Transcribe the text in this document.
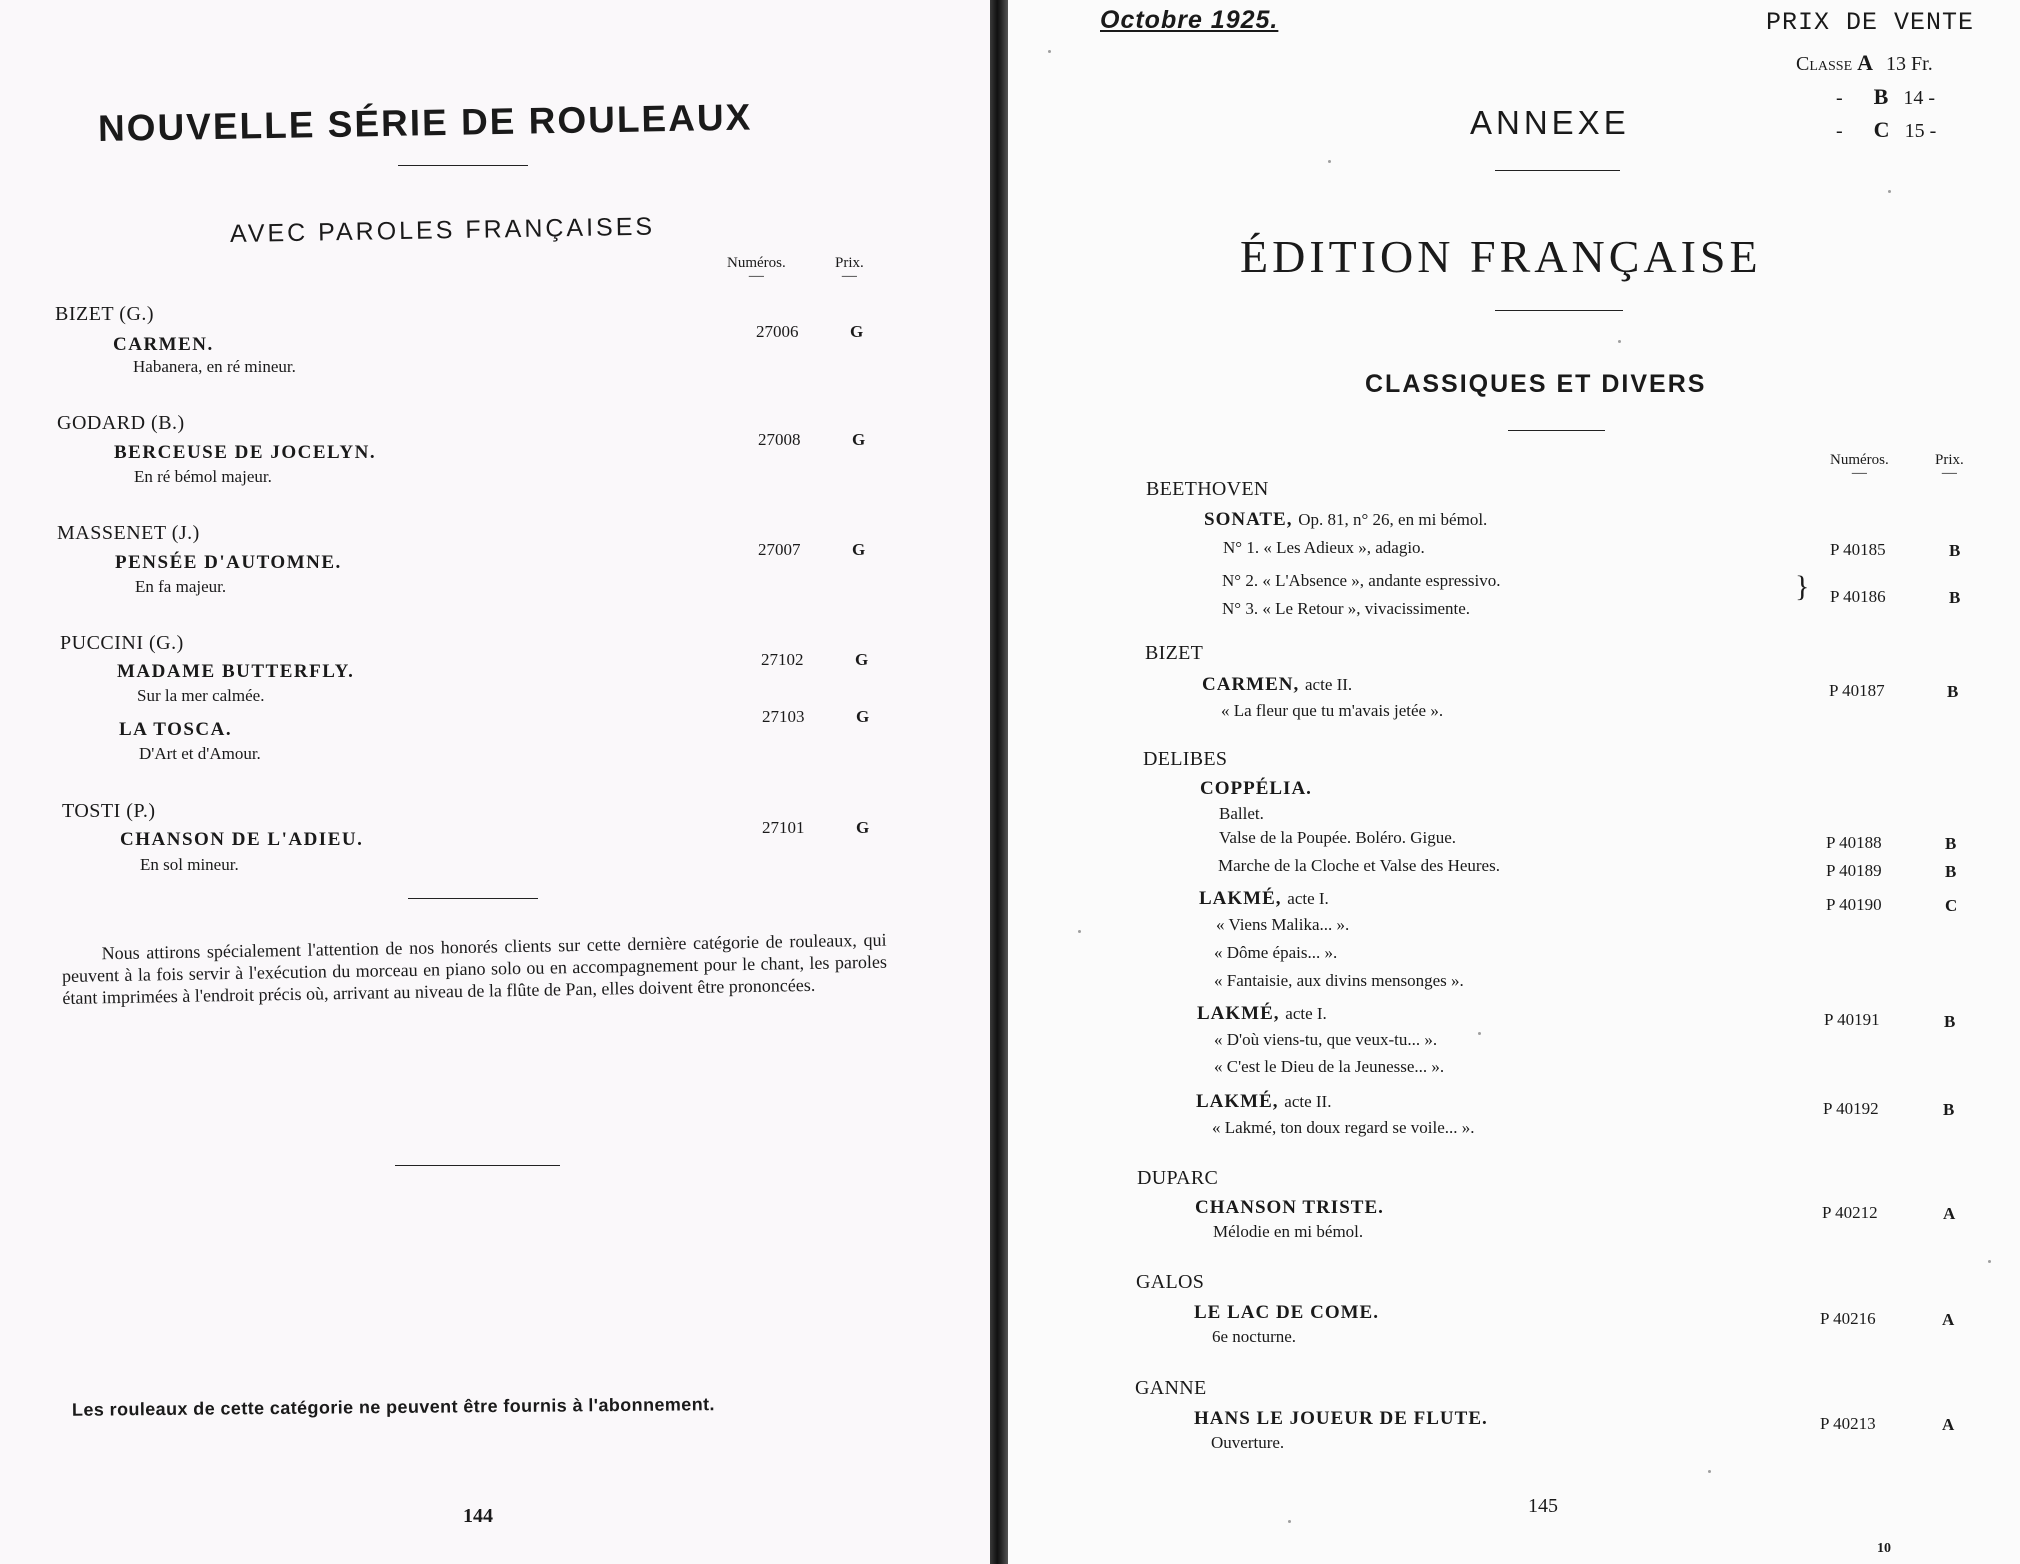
NOUVELLE SÉRIE DE ROULEAUX
AVEC PAROLES FRANÇAISES
Numéros.
—
Prix.
—
BIZET (G.)
CARMEN.
Habanera, en ré mineur.
27006	G
GODARD (B.)
BERCEUSE DE JOCELYN.
En ré bémol majeur.
27008	G
MASSENET (J.)
PENSÉE D'AUTOMNE.
En fa majeur.
27007	G
PUCCINI (G.)
MADAME BUTTERFLY.
Sur la mer calmée.
27102	G
LA TOSCA.
D'Art et d'Amour.
27103	G
TOSTI (P.)
CHANSON DE L'ADIEU.
En sol mineur.
27101	G
Nous attirons spécialement l'attention de nos honorés clients sur cette dernière catégorie de rouleaux, qui peuvent à la fois servir à l'exécution du morceau en piano solo ou en accompagnement pour le chant, les paroles étant imprimées à l'endroit précis où, arrivant au niveau de la flûte de Pan, elles doivent être prononcées.
Les rouleaux de cette catégorie ne peuvent être fournis à l'abonnement.
144
Octobre 1925.	PRIX DE VENTE
Classe A 13 Fr.
- B 14 -
- C 15 -
ANNEXE
ÉDITION FRANÇAISE
CLASSIQUES ET DIVERS
Numéros.
—
Prix.
—
BEETHOVEN
SONATE, Op. 81, n° 26, en mi bémol.
N° 1. « Les Adieux », adagio.	P 40185	B
N° 2. « L'Absence », andante espressivo.
N° 3. « Le Retour », vivacissimente.
} P 40186	B
BIZET
CARMEN, acte II.
« La fleur que tu m'avais jetée ».
P 40187	B
DELIBES
COPPÉLIA.
Ballet.
Valse de la Poupée. Boléro. Gigue.	P 40188	B
Marche de la Cloche et Valse des Heures.	P 40189	B
LAKMÉ, acte I.	P 40190	C
« Viens Malika... ».
« Dôme épais... ».
« Fantaisie, aux divins mensonges ».
LAKMÉ, acte I.	P 40191	B
« D'où viens-tu, que veux-tu... ».
« C'est le Dieu de la Jeunesse... ».
LAKMÉ, acte II.	P 40192	B
« Lakmé, ton doux regard se voile... ».
DUPARC
CHANSON TRISTE.
Mélodie en mi bémol.
P 40212	A
GALOS
LE LAC DE COME.
6e nocturne.
P 40216	A
GANNE
HANS LE JOUEUR DE FLUTE.
Ouverture.
P 40213	A
145
10
